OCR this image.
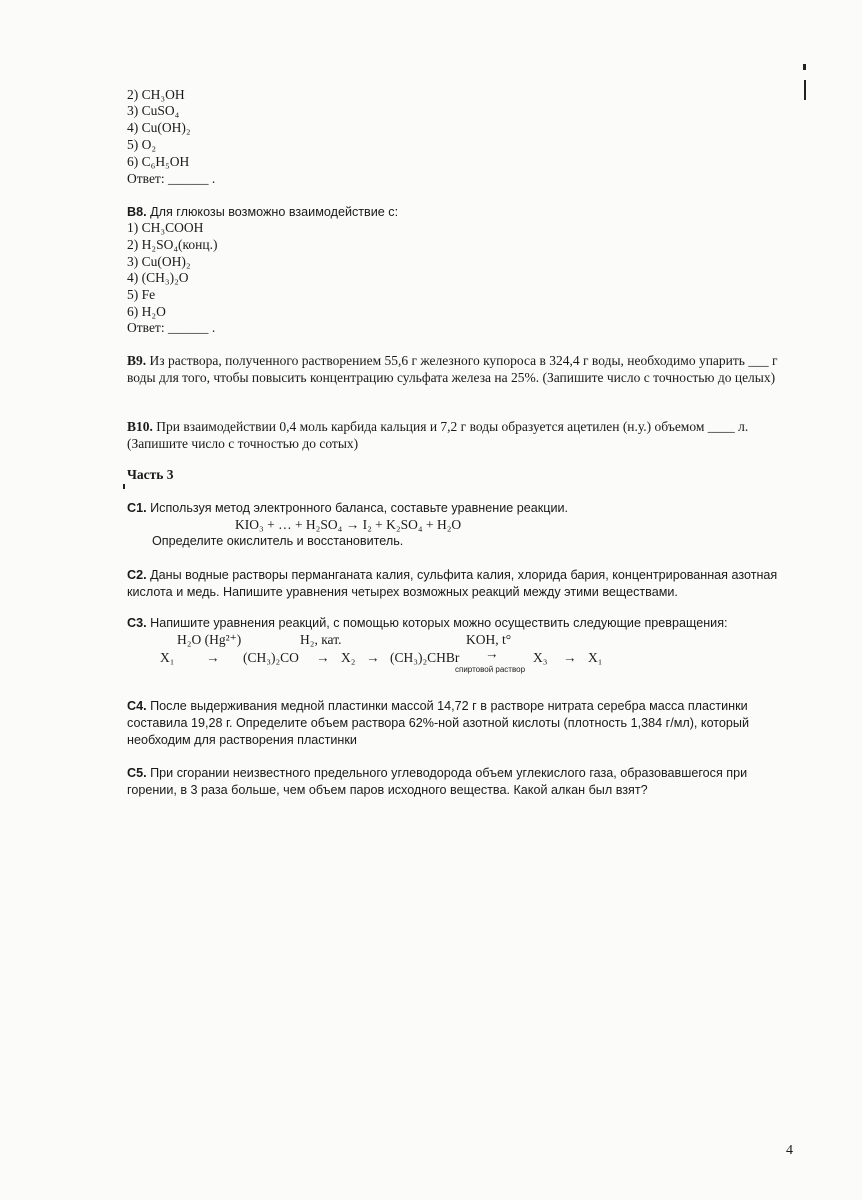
2) CH₃OH
3) CuSO₄
4) Cu(OH)₂
5) O₂
6) C₆H₅OH
Ответ: ______ .
В8. Для глюкозы возможно взаимодействие с:
1) CH₃COOH
2) H₂SO₄(конц.)
3) Cu(OH)₂
4) (CH₃)₂O
5) Fe
6) H₂O
Ответ: ______ .
В9. Из раствора, полученного растворением 55,6 г железного купороса в 324,4 г воды, необходимо упарить ___ г воды для того, чтобы повысить концентрацию сульфата железа на 25%. (Запишите число с точностью до целых)
В10. При взаимодействии 0,4 моль карбида кальция и 7,2 г воды образуется ацетилен (н.у.) объемом ____ л. (Запишите число с точностью до сотых)
Часть 3
С1. Используя метод электронного баланса, составьте уравнение реакции.
KIO₃ + … + H₂SO₄ → I₂ + K₂SO₄ + H₂O
Определите окислитель и восстановитель.
С2. Даны водные растворы перманганата калия, сульфита калия, хлорида бария, концентрированная азотная кислота и медь. Напишите уравнения четырех возможных реакций между этими веществами.
С3. Напишите уравнения реакций, с помощью которых можно осуществить следующие превращения:
H₂O (Hg²⁺)	H₂, кат.	KOH, t°
X₁ → (CH₃)₂CO → X₂ → (CH₃)₂CHBr →
спиртовой раствор
X₃ → X₁
С4. После выдерживания медной пластинки массой 14,72 г в растворе нитрата серебра масса пластинки составила 19,28 г. Определите объем раствора 62%-ной азотной кислоты (плотность 1,384 г/мл), который необходим для растворения пластинки
С5. При сгорании неизвестного предельного углеводорода объем углекислого газа, образовавшегося при горении, в 3 раза больше, чем объем паров исходного вещества. Какой алкан был взят?
4
